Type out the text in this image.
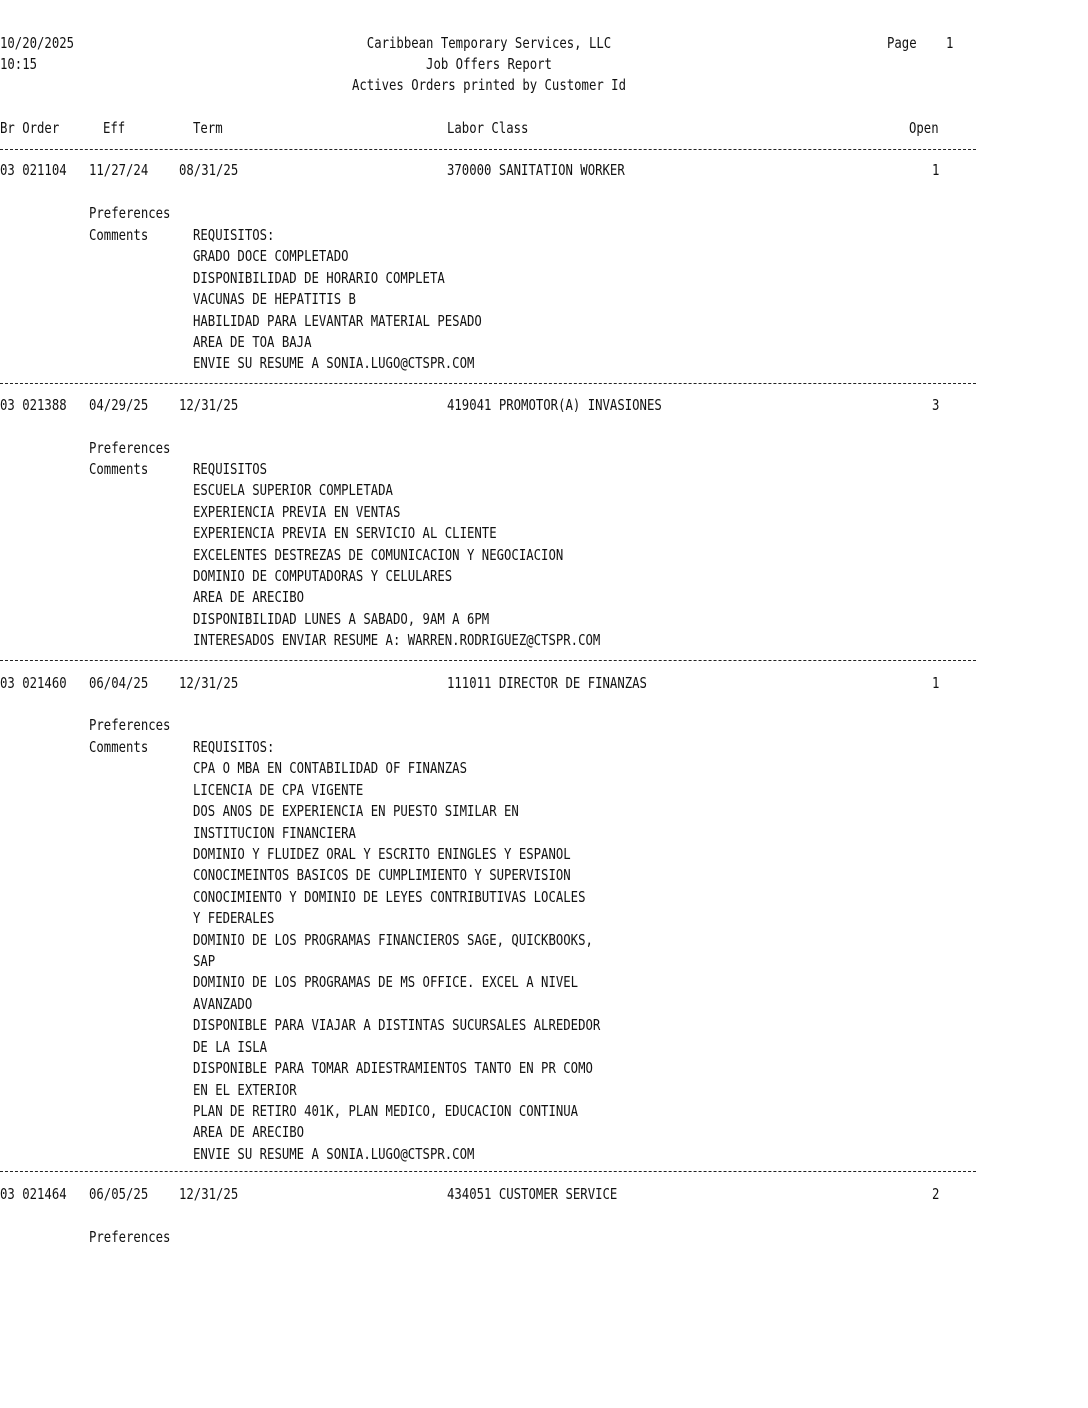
10/20/2025
10:15
Caribbean Temporary Services, LLC
Job Offers Report
Actives Orders printed by Customer Id
Page 1
Br Order	Eff	Term	Labor Class	Open
03 021104 11/27/24 08/31/25	370000 SANITATION WORKER	1
Preferences
Comments	REQUISITOS:
GRADO DOCE COMPLETADO
DISPONIBILIDAD DE HORARIO COMPLETA
VACUNAS DE HEPATITIS B
HABILIDAD PARA LEVANTAR MATERIAL PESADO
AREA DE TOA BAJA
ENVIE SU RESUME A SONIA.LUGO@CTSPR.COM
03 021388 04/29/25 12/31/25	419041 PROMOTOR(A) INVASIONES	3
Preferences
Comments	REQUISITOS
ESCUELA SUPERIOR COMPLETADA
EXPERIENCIA PREVIA EN VENTAS
EXPERIENCIA PREVIA EN SERVICIO AL CLIENTE
EXCELENTES DESTREZAS DE COMUNICACION Y NEGOCIACION
DOMINIO DE COMPUTADORAS Y CELULARES
AREA DE ARECIBO
DISPONIBILIDAD LUNES A SABADO, 9AM A 6PM
INTERESADOS ENVIAR RESUME A: WARREN.RODRIGUEZ@CTSPR.COM
03 021460 06/04/25 12/31/25	111011 DIRECTOR DE FINANZAS	1
Preferences
Comments	REQUISITOS:
CPA O MBA EN CONTABILIDAD OF FINANZAS
LICENCIA DE CPA VIGENTE
DOS ANOS DE EXPERIENCIA EN PUESTO SIMILAR EN
INSTITUCION FINANCIERA
DOMINIO Y FLUIDEZ ORAL Y ESCRITO ENINGLES Y ESPANOL
CONOCIMEINTOS BASICOS DE CUMPLIMIENTO Y SUPERVISION
CONOCIMIENTO Y DOMINIO DE LEYES CONTRIBUTIVAS LOCALES
Y FEDERALES
DOMINIO DE LOS PROGRAMAS FINANCIEROS SAGE, QUICKBOOKS,
SAP
DOMINIO DE LOS PROGRAMAS DE MS OFFICE. EXCEL A NIVEL
AVANZADO
DISPONIBLE PARA VIAJAR A DISTINTAS SUCURSALES ALREDEDOR
DE LA ISLA
DISPONIBLE PARA TOMAR ADIESTRAMIENTOS TANTO EN PR COMO
EN EL EXTERIOR
PLAN DE RETIRO 401K, PLAN MEDICO, EDUCACION CONTINUA
AREA DE ARECIBO
ENVIE SU RESUME A SONIA.LUGO@CTSPR.COM
03 021464 06/05/25 12/31/25	434051 CUSTOMER SERVICE	2
Preferences
